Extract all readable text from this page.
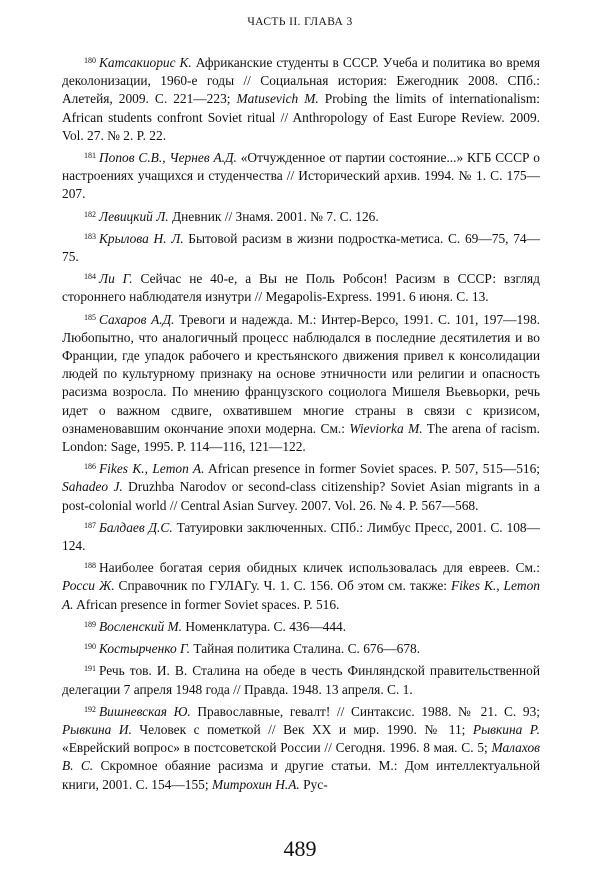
ЧАСТЬ II. ГЛАВА 3

$^{180}$ Катсакиорис К. Африканские студенты в СССР. Учеба и политика во время деколонизации, 1960-е годы // Социальная история: Ежегодник 2008. СПб.: Алетейя, 2009. С. 221—223; Matusevich M. Probing the limits of internationalism: African students confront Soviet ritual // Anthropology of East Europe Review. 2009. Vol. 27. № 2. P. 22.

$^{181}$ Попов С.В., Чернев А.Д. «Отчужденное от партии состояние...» КГБ СССР о настроениях учащихся и студенчества // Исторический архив. 1994. № 1. С. 175—207.

$^{182}$ Левицкий Л. Дневник // Знамя. 2001. № 7. С. 126.

$^{183}$ Крылова Н. Л. Бытовой расизм в жизни подростка-метиса. С. 69—75, 74—75.

$^{184}$ Ли Г. Сейчас не 40-е, а Вы не Поль Робсон! Расизм в СССР: взгляд стороннего наблюдателя изнутри // Megapolis-Express. 1991. 6 июня. С. 13.

$^{185}$ Сахаров А.Д. Тревоги и надежда. М.: Интер-Версо, 1991. С. 101, 197—198. Любопытно, что аналогичный процесс наблюдался в последние десятилетия и во Франции, где упадок рабочего и крестьянского движения привел к консолидации людей по культурному признаку на основе этничности или религии и опасность расизма возросла. По мнению французского социолога Мишеля Вьевьорки, речь идет о важном сдвиге, охватившем многие страны в связи с кризисом, ознаменовавшим окончание эпохи модерна. См.: Wieviorka M. The arena of racism. London: Sage, 1995. P. 114—116, 121—122.

$^{186}$ Fikes K., Lemon A. African presence in former Soviet spaces. P. 507, 515—516; Sahadeo J. Druzhba Narodov or second-class citizenship? Soviet Asian migrants in a post-colonial world // Central Asian Survey. 2007. Vol. 26. № 4. P. 567—568.

$^{187}$ Балдаев Д.С. Татуировки заключенных. СПб.: Лимбус Пресс, 2001. С. 108—124.

$^{188}$ Наиболее богатая серия обидных кличек использовалась для евреев. См.: Росси Ж. Справочник по ГУЛАГу. Ч. 1. С. 156. Об этом см. также: Fikes K., Lemon A. African presence in former Soviet spaces. P. 516.

$^{189}$ Восленский М. Номенклатура. С. 436—444.

$^{190}$ Костырченко Г. Тайная политика Сталина. С. 676—678.

$^{191}$ Речь тов. И. В. Сталина на обеде в честь Финляндской правительственной делегации 7 апреля 1948 года // Правда. 1948. 13 апреля. С. 1.

$^{192}$ Вишневская Ю. Православные, гевалт! // Синтаксис. 1988. № 21. С. 93; Рывкина И. Человек с пометкой // Век XX и мир. 1990. № 11; Рывкина Р. «Еврейский вопрос» в постсоветской России // Сегодня. 1996. 8 мая. С. 5; Малахов В. С. Скромное обаяние расизма и другие статьи. М.: Дом интеллектуальной книги, 2001. С. 154—155; Митрохин Н.А. Рус-

489
